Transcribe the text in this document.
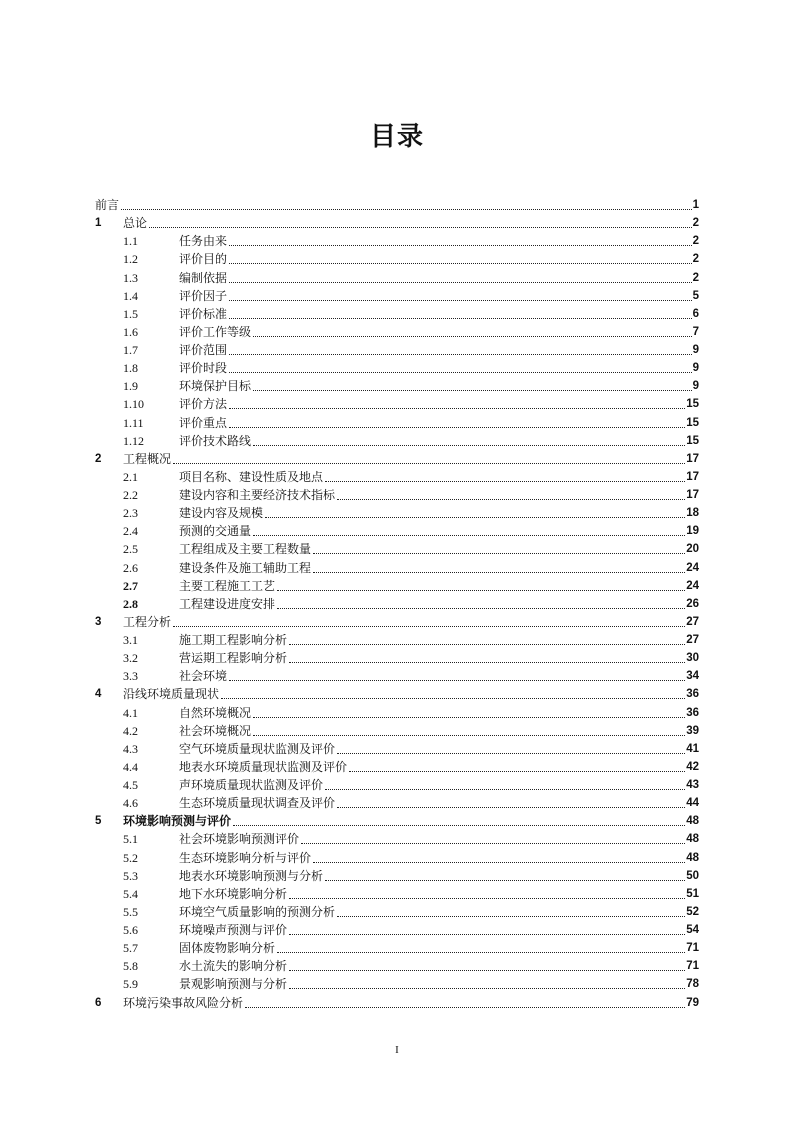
目录
前言	1
1	总论	2
1.1	任务由来	2
1.2	评价目的	2
1.3	编制依据	2
1.4	评价因子	5
1.5	评价标准	6
1.6	评价工作等级	7
1.7	评价范围	9
1.8	评价时段	9
1.9	环境保护目标	9
1.10	评价方法	15
1.11	评价重点	15
1.12	评价技术路线	15
2	工程概况	17
2.1	项目名称、建设性质及地点	17
2.2	建设内容和主要经济技术指标	17
2.3	建设内容及规模	18
2.4	预测的交通量	19
2.5	工程组成及主要工程数量	20
2.6	建设条件及施工辅助工程	24
2.7	主要工程施工工艺	24
2.8	工程建设进度安排	26
3	工程分析	27
3.1	施工期工程影响分析	27
3.2	营运期工程影响分析	30
3.3	社会环境	34
4	沿线环境质量现状	36
4.1	自然环境概况	36
4.2	社会环境概况	39
4.3	空气环境质量现状监测及评价	41
4.4	地表水环境质量现状监测及评价	42
4.5	声环境质量现状监测及评价	43
4.6	生态环境质量现状调查及评价	44
5	环境影响预测与评价	48
5.1	社会环境影响预测评价	48
5.2	生态环境影响分析与评价	48
5.3	地表水环境影响预测与分析	50
5.4	地下水环境影响分析	51
5.5	环境空气质量影响的预测分析	52
5.6	环境噪声预测与评价	54
5.7	固体废物影响分析	71
5.8	水土流失的影响分析	71
5.9	景观影响预测与分析	78
6	环境污染事故风险分析	79
I
